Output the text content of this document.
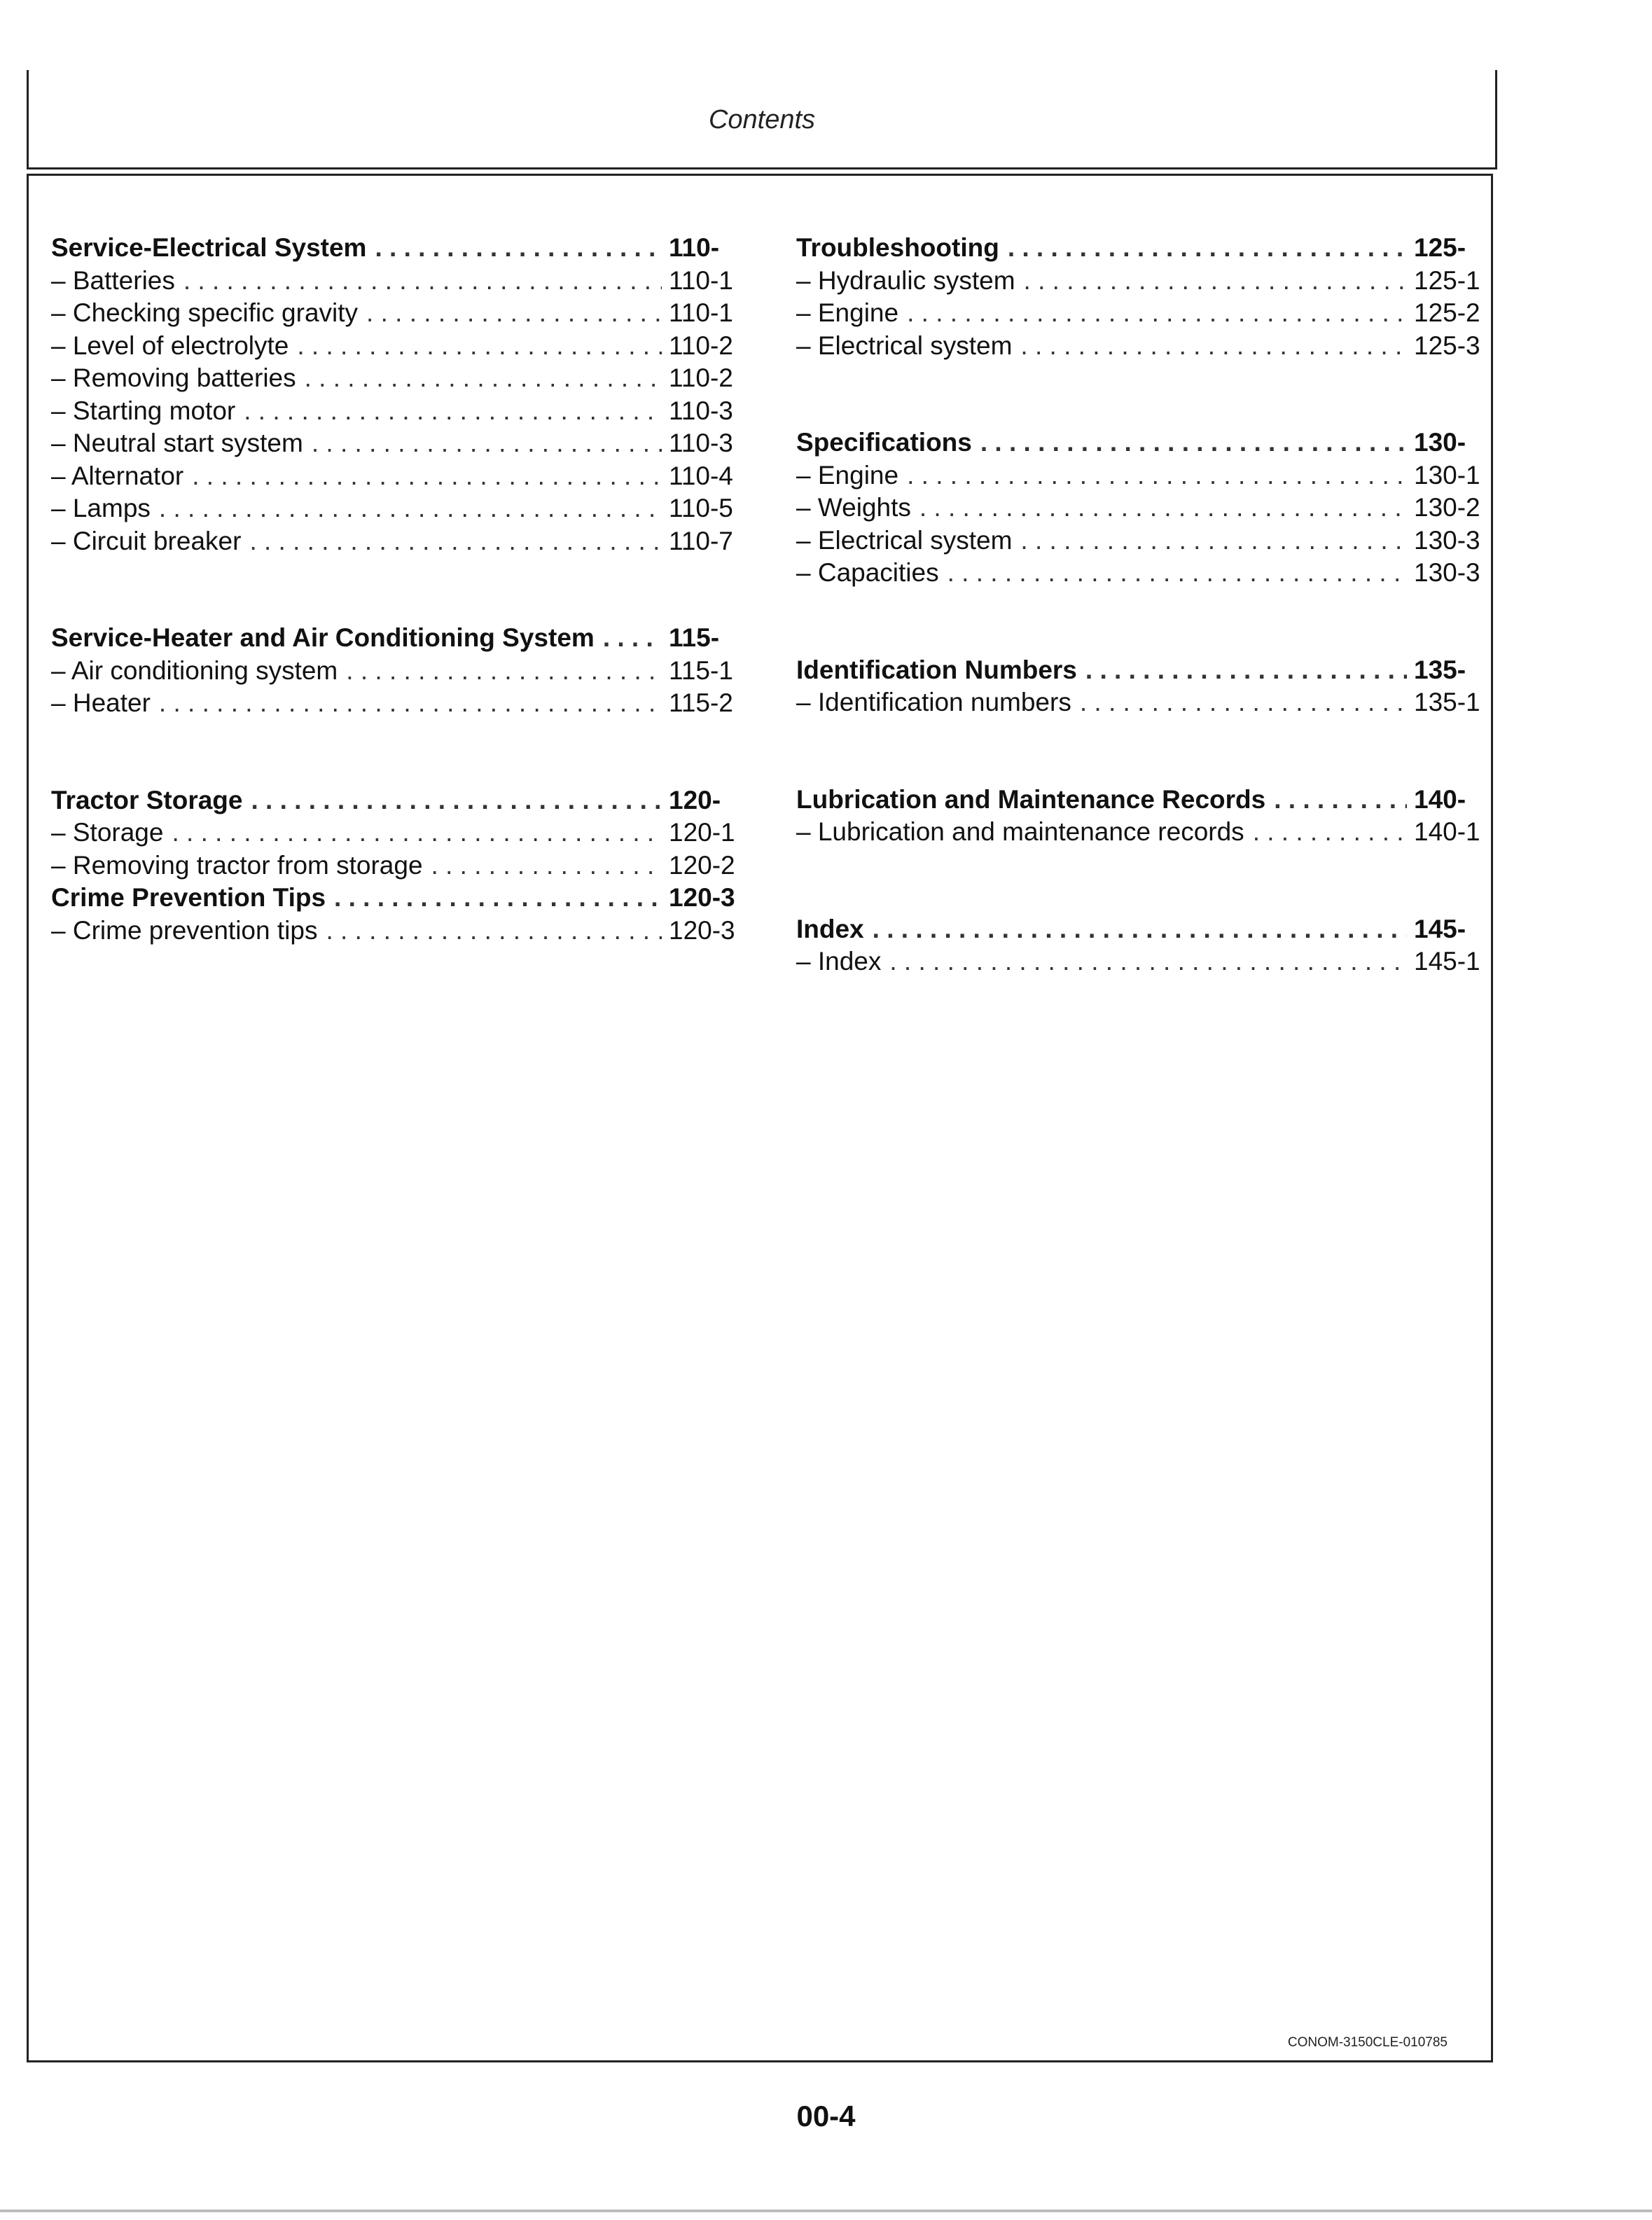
Contents
Service-Electrical System . . .	110-
– Batteries . . .	110-1
– Checking specific gravity . . .	110-1
– Level of electrolyte . . .	110-2
– Removing batteries . . .	110-2
– Starting motor . . .	110-3
– Neutral start system . . .	110-3
– Alternator . . .	110-4
– Lamps . . .	110-5
– Circuit breaker . . .	110-7
Service-Heater and Air Conditioning System . . .	115-
– Air conditioning system . . .	115-1
– Heater . . .	115-2
Tractor Storage . . .	120-
– Storage . . .	120-1
– Removing tractor from storage . . .	120-2
Crime Prevention Tips . . .	120-3
– Crime prevention tips . . .	120-3
Troubleshooting . . .	125-
– Hydraulic system . . .	125-1
– Engine . . .	125-2
– Electrical system . . .	125-3
Specifications . . .	130-
– Engine . . .	130-1
– Weights . . .	130-2
– Electrical system . . .	130-3
– Capacities . . .	130-3
Identification Numbers . . .	135-
– Identification numbers . . .	135-1
Lubrication and Maintenance Records . . .	140-
– Lubrication and maintenance records . . .	140-1
Index . . .	145-
– Index . . .	145-1
CONOM-3150CLE-010785
00-4
